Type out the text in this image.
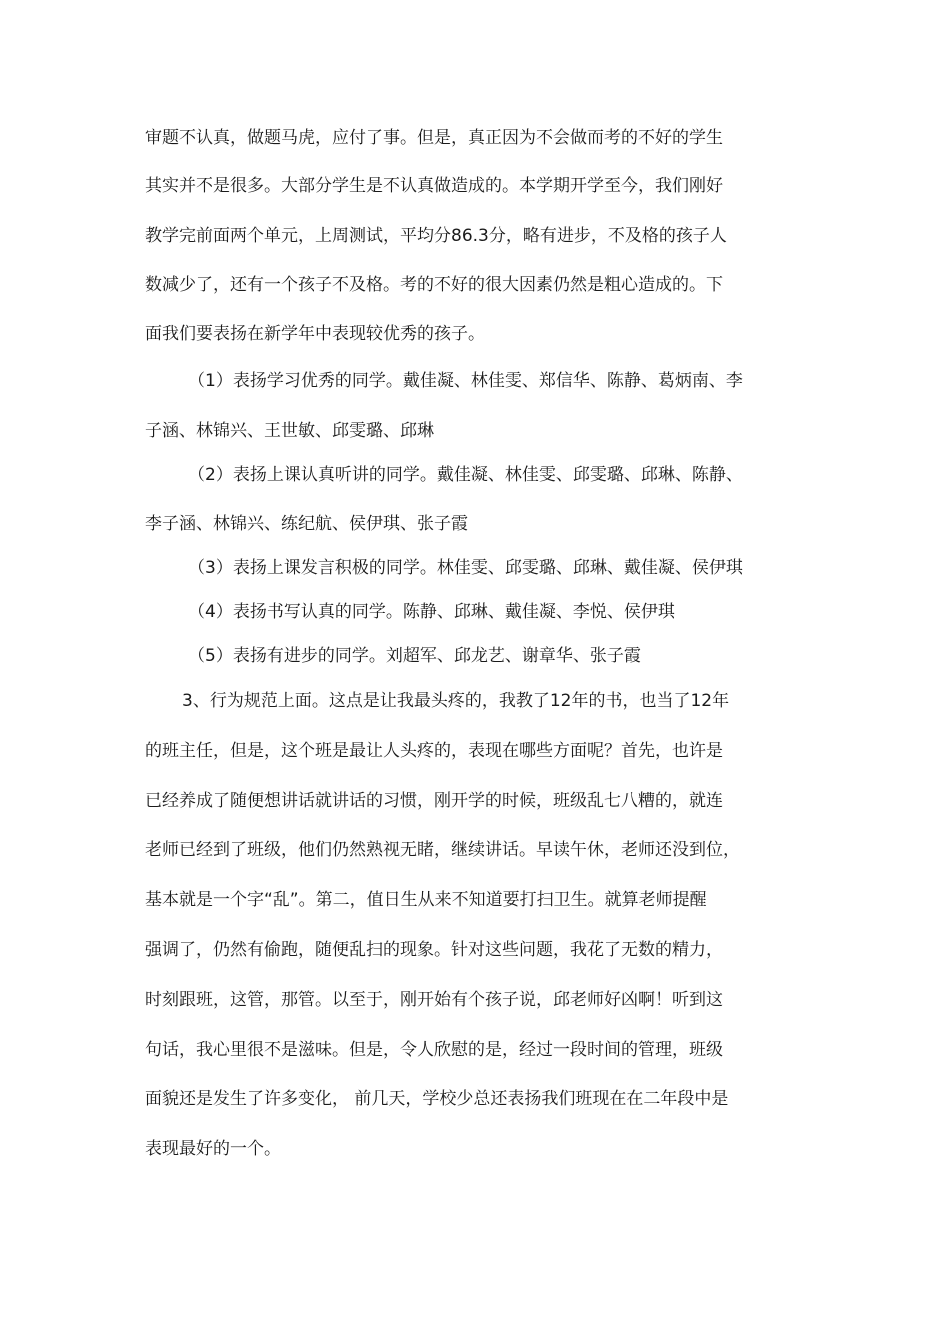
审题不认真，做题马虎，应付了事。但是，真正因为不会做而考的不好的学生
其实并不是很多。大部分学生是不认真做造成的。本学期开学至今，我们刚好
教学完前面两个单元，上周测试，平均分86.3分，略有进步，不及格的孩子人
数减少了，还有一个孩子不及格。考的不好的很大因素仍然是粗心造成的。下
面我们要表扬在新学年中表现较优秀的孩子。
（1）表扬学习优秀的同学。戴佳凝、林佳雯、郑信华、陈静、葛炳南、李
子涵、林锦兴、王世敏、邱雯璐、邱琳
（2）表扬上课认真听讲的同学。戴佳凝、林佳雯、邱雯璐、邱琳、陈静、
李子涵、林锦兴、练纪航、侯伊琪、张子霞
（3）表扬上课发言积极的同学。林佳雯、邱雯璐、邱琳、戴佳凝、侯伊琪
（4）表扬书写认真的同学。陈静、邱琳、戴佳凝、李悦、侯伊琪
（5）表扬有进步的同学。刘超军、邱龙艺、谢章华、张子霞
3、行为规范上面。这点是让我最头疼的，我教了12年的书，也当了12年
的班主任，但是，这个班是最让人头疼的，表现在哪些方面呢？首先，也许是
已经养成了随便想讲话就讲话的习惯，刚开学的时候，班级乱七八糟的，就连
老师已经到了班级，他们仍然熟视无睹，继续讲话。早读午休，老师还没到位，
基本就是一个字“乱”。第二，值日生从来不知道要打扫卫生。就算老师提醒
强调了，仍然有偷跑，随便乱扫的现象。针对这些问题，我花了无数的精力，
时刻跟班，这管，那管。以至于，刚开始有个孩子说，邱老师好凶啊！听到这
句话，我心里很不是滋味。但是，令人欣慰的是，经过一段时间的管理，班级
面貌还是发生了许多变化， 前几天，学校少总还表扬我们班现在在二年段中是
表现最好的一个。
